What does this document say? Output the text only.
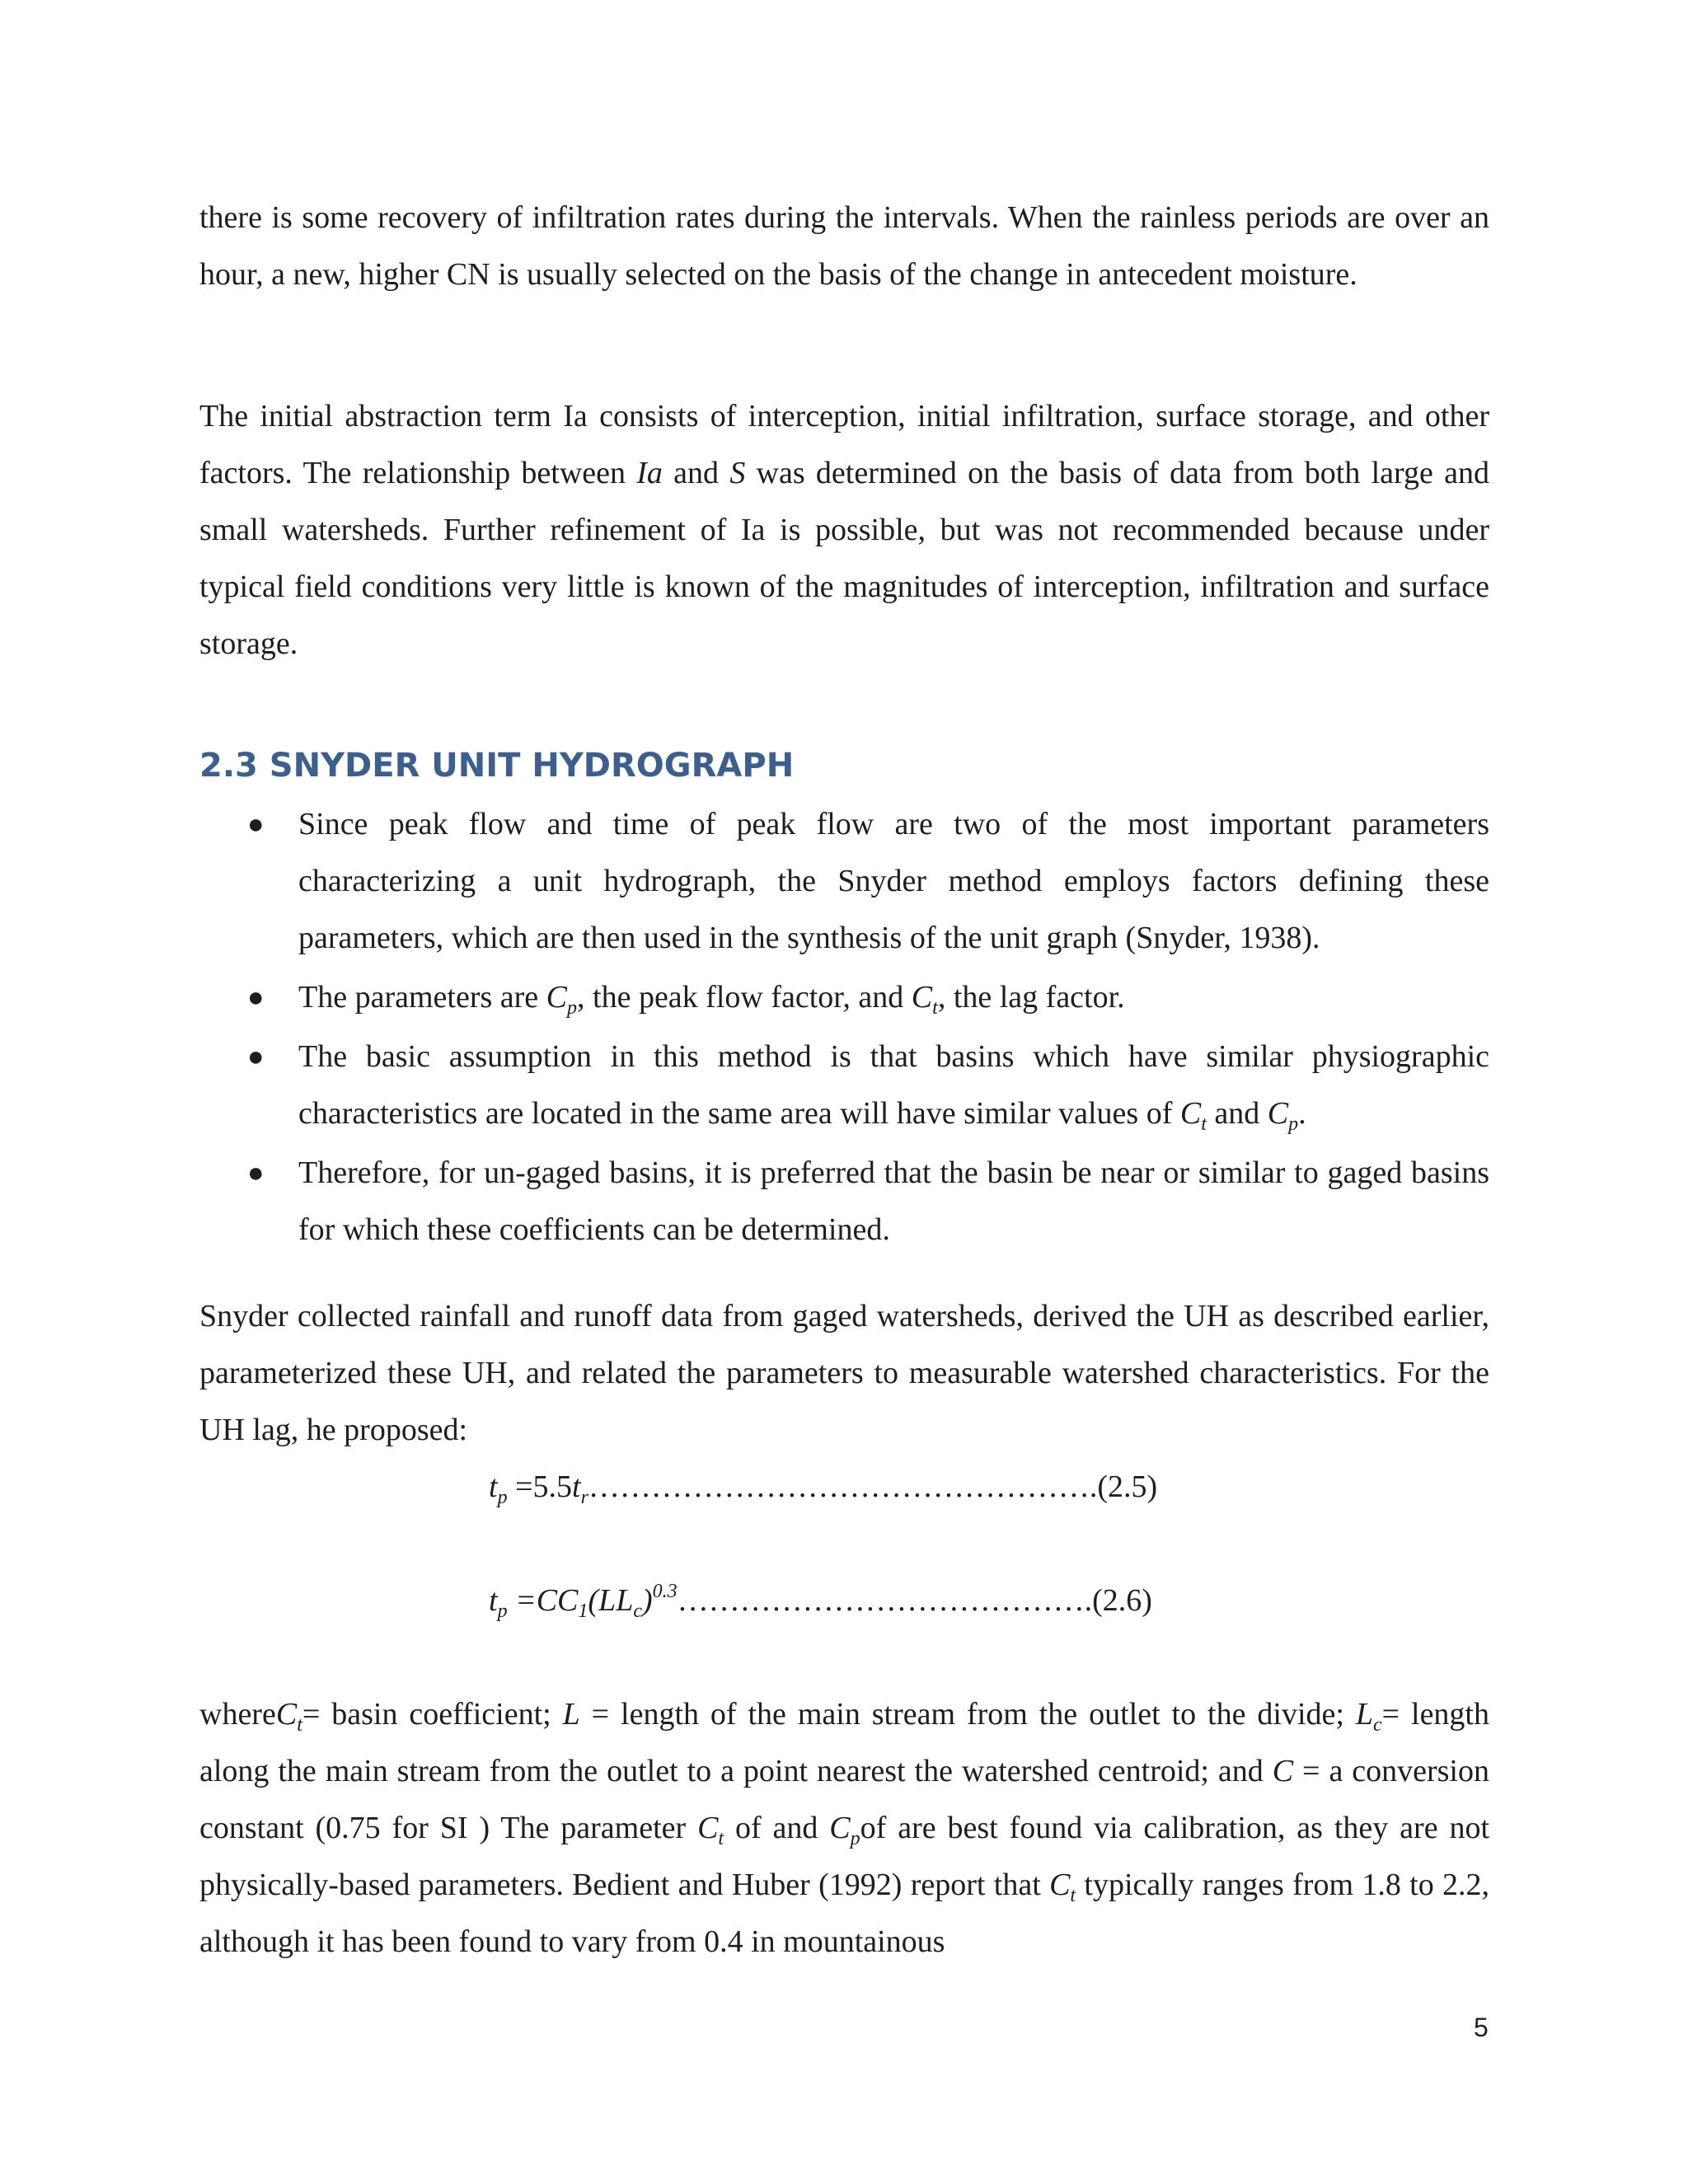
there is some recovery of infiltration rates during the intervals. When the rainless periods are over an hour, a new, higher CN is usually selected on the basis of the change in antecedent moisture.

The initial abstraction term Ia consists of interception, initial infiltration, surface storage, and other factors. The relationship between Ia and S was determined on the basis of data from both large and small watersheds. Further refinement of Ia is possible, but was not recommended because under typical field conditions very little is known of the magnitudes of interception, infiltration and surface storage.

2.3 SNYDER UNIT HYDROGRAPH
● Since peak flow and time of peak flow are two of the most important parameters characterizing a unit hydrograph, the Snyder method employs factors defining these parameters, which are then used in the synthesis of the unit graph (Snyder, 1938).
● The parameters are $C_p$, the peak flow factor, and $C_t$, the lag factor.
● The basic assumption in this method is that basins which have similar physiographic characteristics are located in the same area will have similar values of $C_t$ and $C_p$.
● Therefore, for un-gaged basins, it is preferred that the basin be near or similar to gaged basins for which these coefficients can be determined.

Snyder collected rainfall and runoff data from gaged watersheds, derived the UH as described earlier, parameterized these UH, and related the parameters to measurable watershed characteristics. For the UH lag, he proposed:

$t_p$ $=5.5t_r\dots\dots\dots\dots\dots\dots\dots\dots\dots\dots\dots\dots\dots\dots\dots\dots.(2.5)$
$t_p$ $=CC_1(LL_c)^{0.3}\dots\dots\dots\dots\dots\dots\dots\dots\dots\dots\dots\dots\dots.(2.6)$

whereC$_t$= basin coefficient; L = length of the main stream from the outlet to the divide; $L_c=$ length along the main stream from the outlet to a point nearest the watershed centroid; and C = a conversion constant (0.75 for SI ) The parameter $C_t$ of and $C_pof$ are best found via calibration, as they are not physically-based parameters. Bedient and Huber (1992) report that $C_t$ typically ranges from 1.8 to 2.2, although it has been found to vary from 0.4 in mountainous

5
